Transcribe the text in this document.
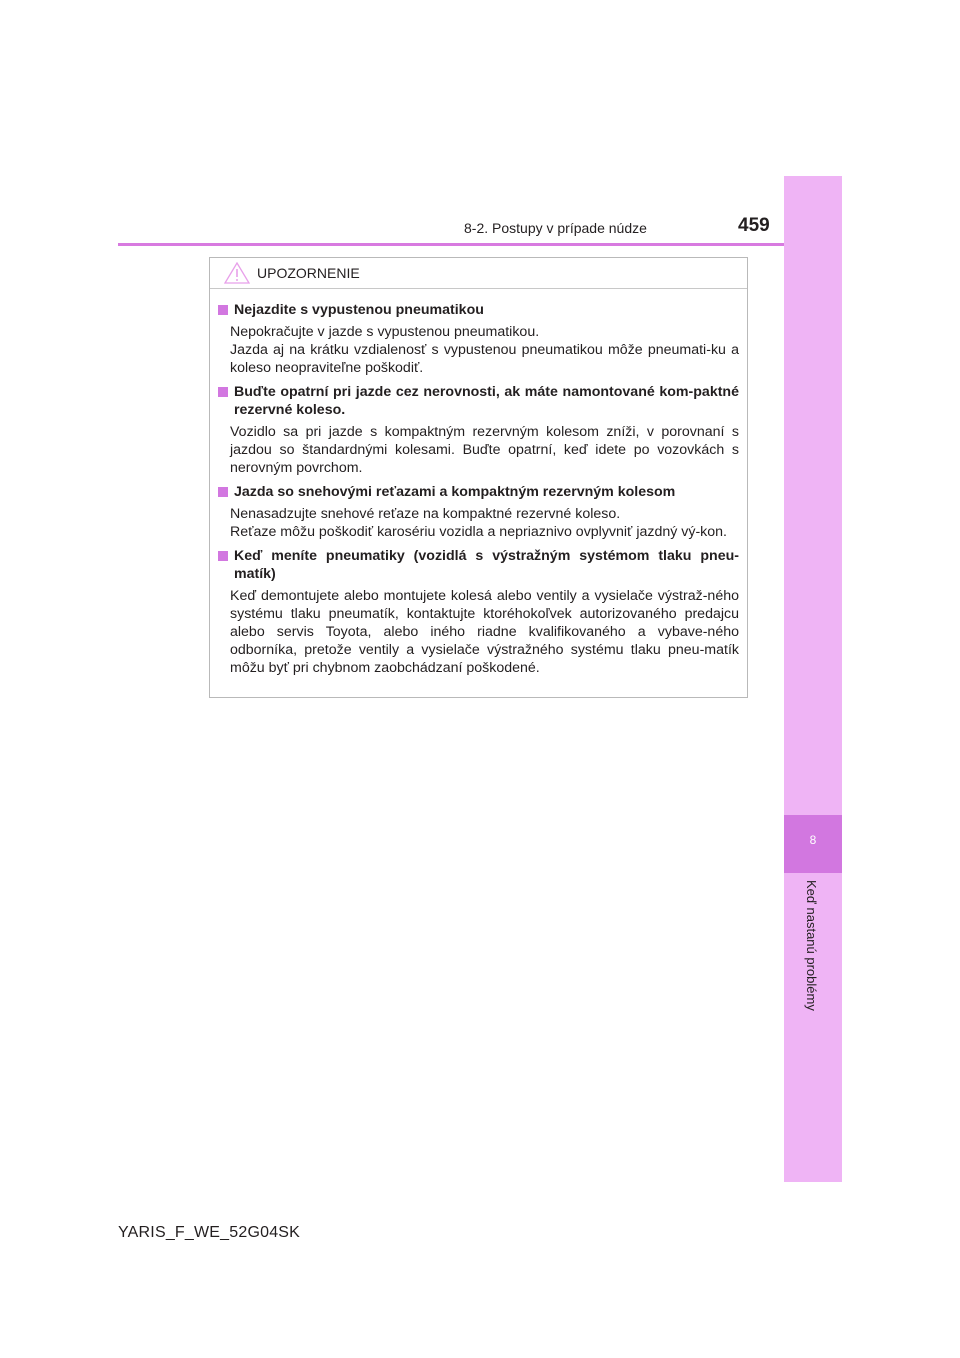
8-2. Postupy v prípade núdze	459
8
Keď nastanú problémy
UPOZORNENIE
Nejazdite s vypustenou pneumatikou
Nepokračujte v jazde s vypustenou pneumatikou.
Jazda aj na krátku vzdialenosť s vypustenou pneumatikou môže pneumati-ku a koleso neopraviteľne poškodiť.
Buďte opatrní pri jazde cez nerovnosti, ak máte namontované kom-paktné rezervné koleso.
Vozidlo sa pri jazde s kompaktným rezervným kolesom zníži, v porovnaní s jazdou so štandardnými kolesami. Buďte opatrní, keď idete po vozovkách s nerovným povrchom.
Jazda so snehovými reťazami a kompaktným rezervným kolesom
Nenasadzujte snehové reťaze na kompaktné rezervné koleso.
Reťaze môžu poškodiť karosériu vozidla a nepriaznivo ovplyvniť jazdný vý-kon.
Keď meníte pneumatiky (vozidlá s výstražným systémom tlaku pneu-matík)
Keď demontujete alebo montujete kolesá alebo ventily a vysielače výstraž-ného systému tlaku pneumatík, kontaktujte ktoréhokoľvek autorizovaného predajcu alebo servis Toyota, alebo iného riadne kvalifikovaného a vybave-ného odborníka, pretože ventily a vysielače výstražného systému tlaku pneu-matík môžu byť pri chybnom zaobchádzaní poškodené.
YARIS_F_WE_52G04SK
